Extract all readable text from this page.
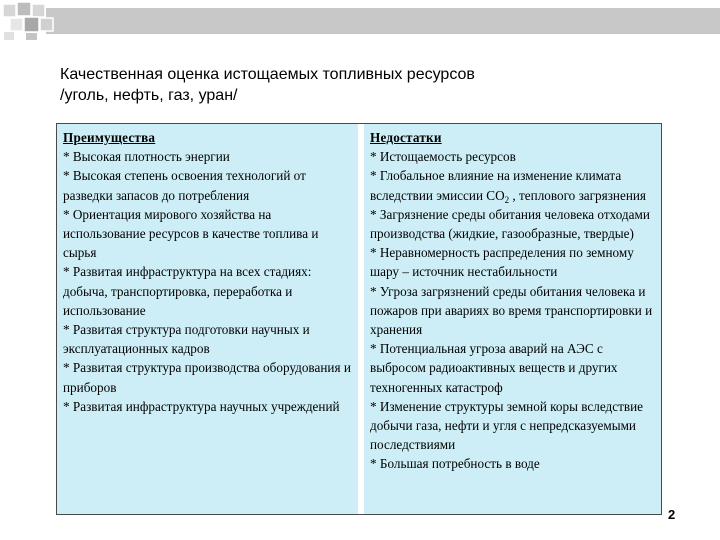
Качественная оценка истощаемых топливных ресурсов
/уголь, нефть, газ, уран/
Преимущества
* Высокая плотность энергии
* Высокая степень освоения технологий от разведки запасов до потребления
* Ориентация мирового хозяйства на использование ресурсов в качестве топлива и сырья
* Развитая инфраструктура на всех стадиях: добыча, транспортировка, переработка и использование
* Развитая структура подготовки научных и эксплуатационных кадров
* Развитая структура производства оборудования и приборов
* Развитая инфраструктура научных учреждений
Недостатки
* Истощаемость ресурсов
* Глобальное влияние на изменение климата вследствии эмиссии $CO_2$ , теплового загрязнения
* Загрязнение среды обитания человека отходами производства (жидкие, газообразные, твердые)
* Неравномерность распределения по земному шару – источник нестабильности
* Угроза загрязнений среды обитания человека и пожаров при авариях во время транспортировки и хранения
* Потенциальная угроза аварий на АЭС с выбросом радиоактивных веществ и других техногенных катастроф
* Изменение структуры земной коры вследствие добычи газа, нефти и угля с непредсказуемыми последствиями
* Большая потребность в воде
2
